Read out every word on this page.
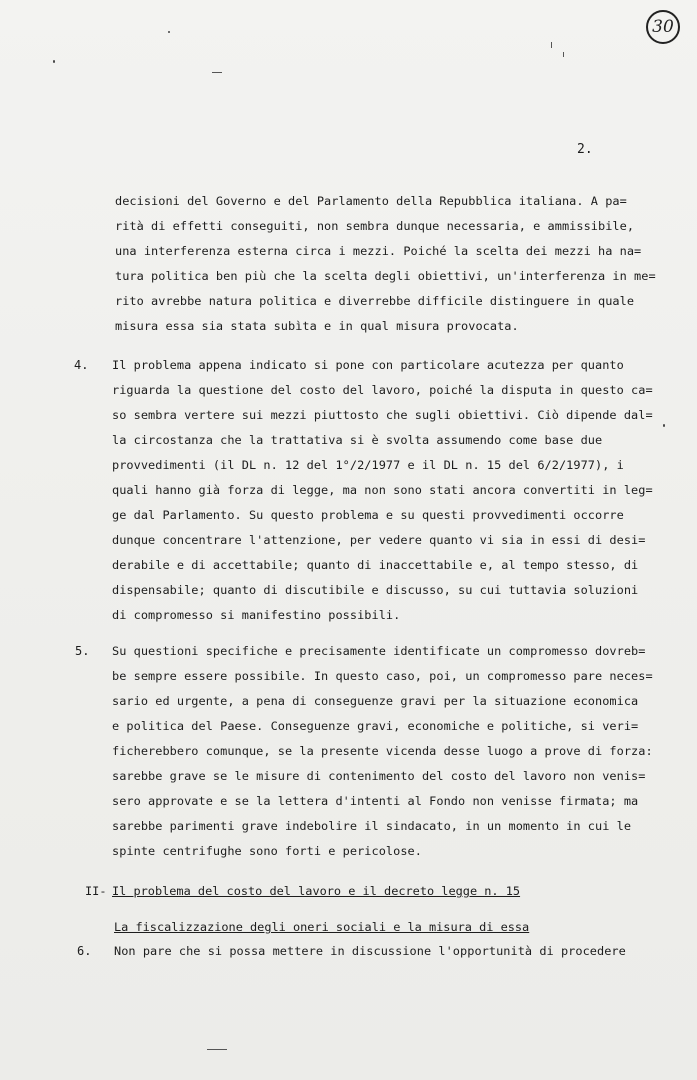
30
2.
decisioni del Governo e del Parlamento della Repubblica italiana. A pa=
rità di effetti conseguiti, non sembra dunque necessaria, e ammissibile,
una interferenza esterna circa i mezzi. Poiché la scelta dei mezzi ha na=
tura politica ben più che la scelta degli obiettivi, un'interferenza in me=
rito avrebbe natura politica e diverrebbe difficile distinguere in quale
misura essa sia stata subìta e in qual misura provocata.
4. Il problema appena indicato si pone con particolare acutezza per quanto
riguarda la questione del costo del lavoro, poiché la disputa in questo ca=
so sembra vertere sui mezzi piuttosto che sugli obiettivi. Ciò dipende dal=
la circostanza che la trattativa si è svolta assumendo come base due
provvedimenti (il DL n. 12 del 1°/2/1977 e il DL n. 15 del 6/2/1977), i
quali hanno già forza di legge, ma non sono stati ancora convertiti in leg=
ge dal Parlamento. Su questo problema e su questi provvedimenti occorre
dunque concentrare l'attenzione, per vedere quanto vi sia in essi di desi=
derabile e di accettabile; quanto di inaccettabile e, al tempo stesso, di
dispensabile; quanto di discutibile e discusso, su cui tuttavia soluzioni
di compromesso si manifestino possibili.
5. Su questioni specifiche e precisamente identificate un compromesso dovreb=
be sempre essere possibile. In questo caso, poi, un compromesso pare neces=
sario ed urgente, a pena di conseguenze gravi per la situazione economica
e politica del Paese. Conseguenze gravi, economiche e politiche, si veri=
ficherebbero comunque, se la presente vicenda desse luogo a prove di forza:
sarebbe grave se le misure di contenimento del costo del lavoro non venis=
sero approvate e se la lettera d'intenti al Fondo non venisse firmata; ma
sarebbe parimenti grave indebolire il sindacato, in un momento in cui le
spinte centrifughe sono forti e pericolose.
II- Il problema del costo del lavoro e il decreto legge n. 15
La fiscalizzazione degli oneri sociali e la misura di essa
6. Non pare che si possa mettere in discussione l'opportunità di procedere
